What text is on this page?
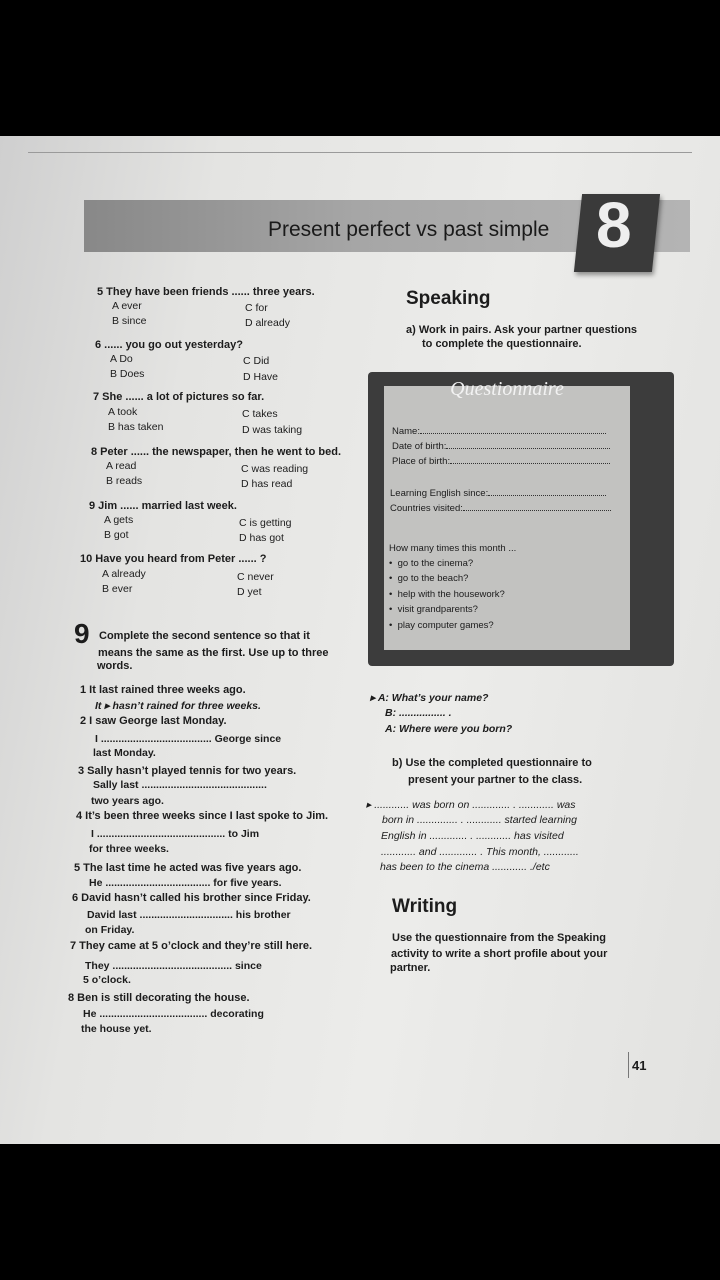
Present perfect vs past simple 8
5 They have been friends ...... three years.
A ever
B since
C for
D already
6 ...... you go out yesterday?
A Do
B Does
C Did
D Have
7 She ...... a lot of pictures so far.
A took
B has taken
C takes
D was taking
8 Peter ...... the newspaper, then he went to bed.
A read
B reads
C was reading
D has read
9 Jim ...... married last week.
A gets
B got
C is getting
D has got
10 Have you heard from Peter ...... ?
A already
B ever
C never
D yet
9 Complete the second sentence so that it
means the same as the first. Use up to three
words.
1 It last rained three weeks ago.
It ▸ hasn’t rained for three weeks.
2 I saw George last Monday.
I ...................................... George since
last Monday.
3 Sally hasn’t played tennis for two years.
Sally last ...........................................
two years ago.
4 It’s been three weeks since I last spoke to Jim.
I ............................................ to Jim
for three weeks.
5 The last time he acted was five years ago.
He .................................... for five years.
6 David hasn’t called his brother since Friday.
David last ................................ his brother
on Friday.
7 They came at 5 o’clock and they’re still here.
They ......................................... since
5 o’clock.
8 Ben is still decorating the house.
He ..................................... decorating
the house yet.
Speaking
a) Work in pairs. Ask your partner questions
to complete the questionnaire.
Questionnaire
Name:
Date of birth:
Place of birth:
Learning English since:
Countries visited:
How many times this month ...
•  go to the cinema?
•  go to the beach?
•  help with the housework?
•  visit grandparents?
•  play computer games?
▸ A: What’s your name?
B: ................ .
A: Where were you born?
b) Use the completed questionnaire to
present your partner to the class.
▸ ............ was born on ............. . ............ was
born in .............. . ............ started learning
English in ............. . ............ has visited
............ and ............. . This month, ............
has been to the cinema ............ ./etc
Writing
Use the questionnaire from the Speaking
activity to write a short profile about your
partner.
41
